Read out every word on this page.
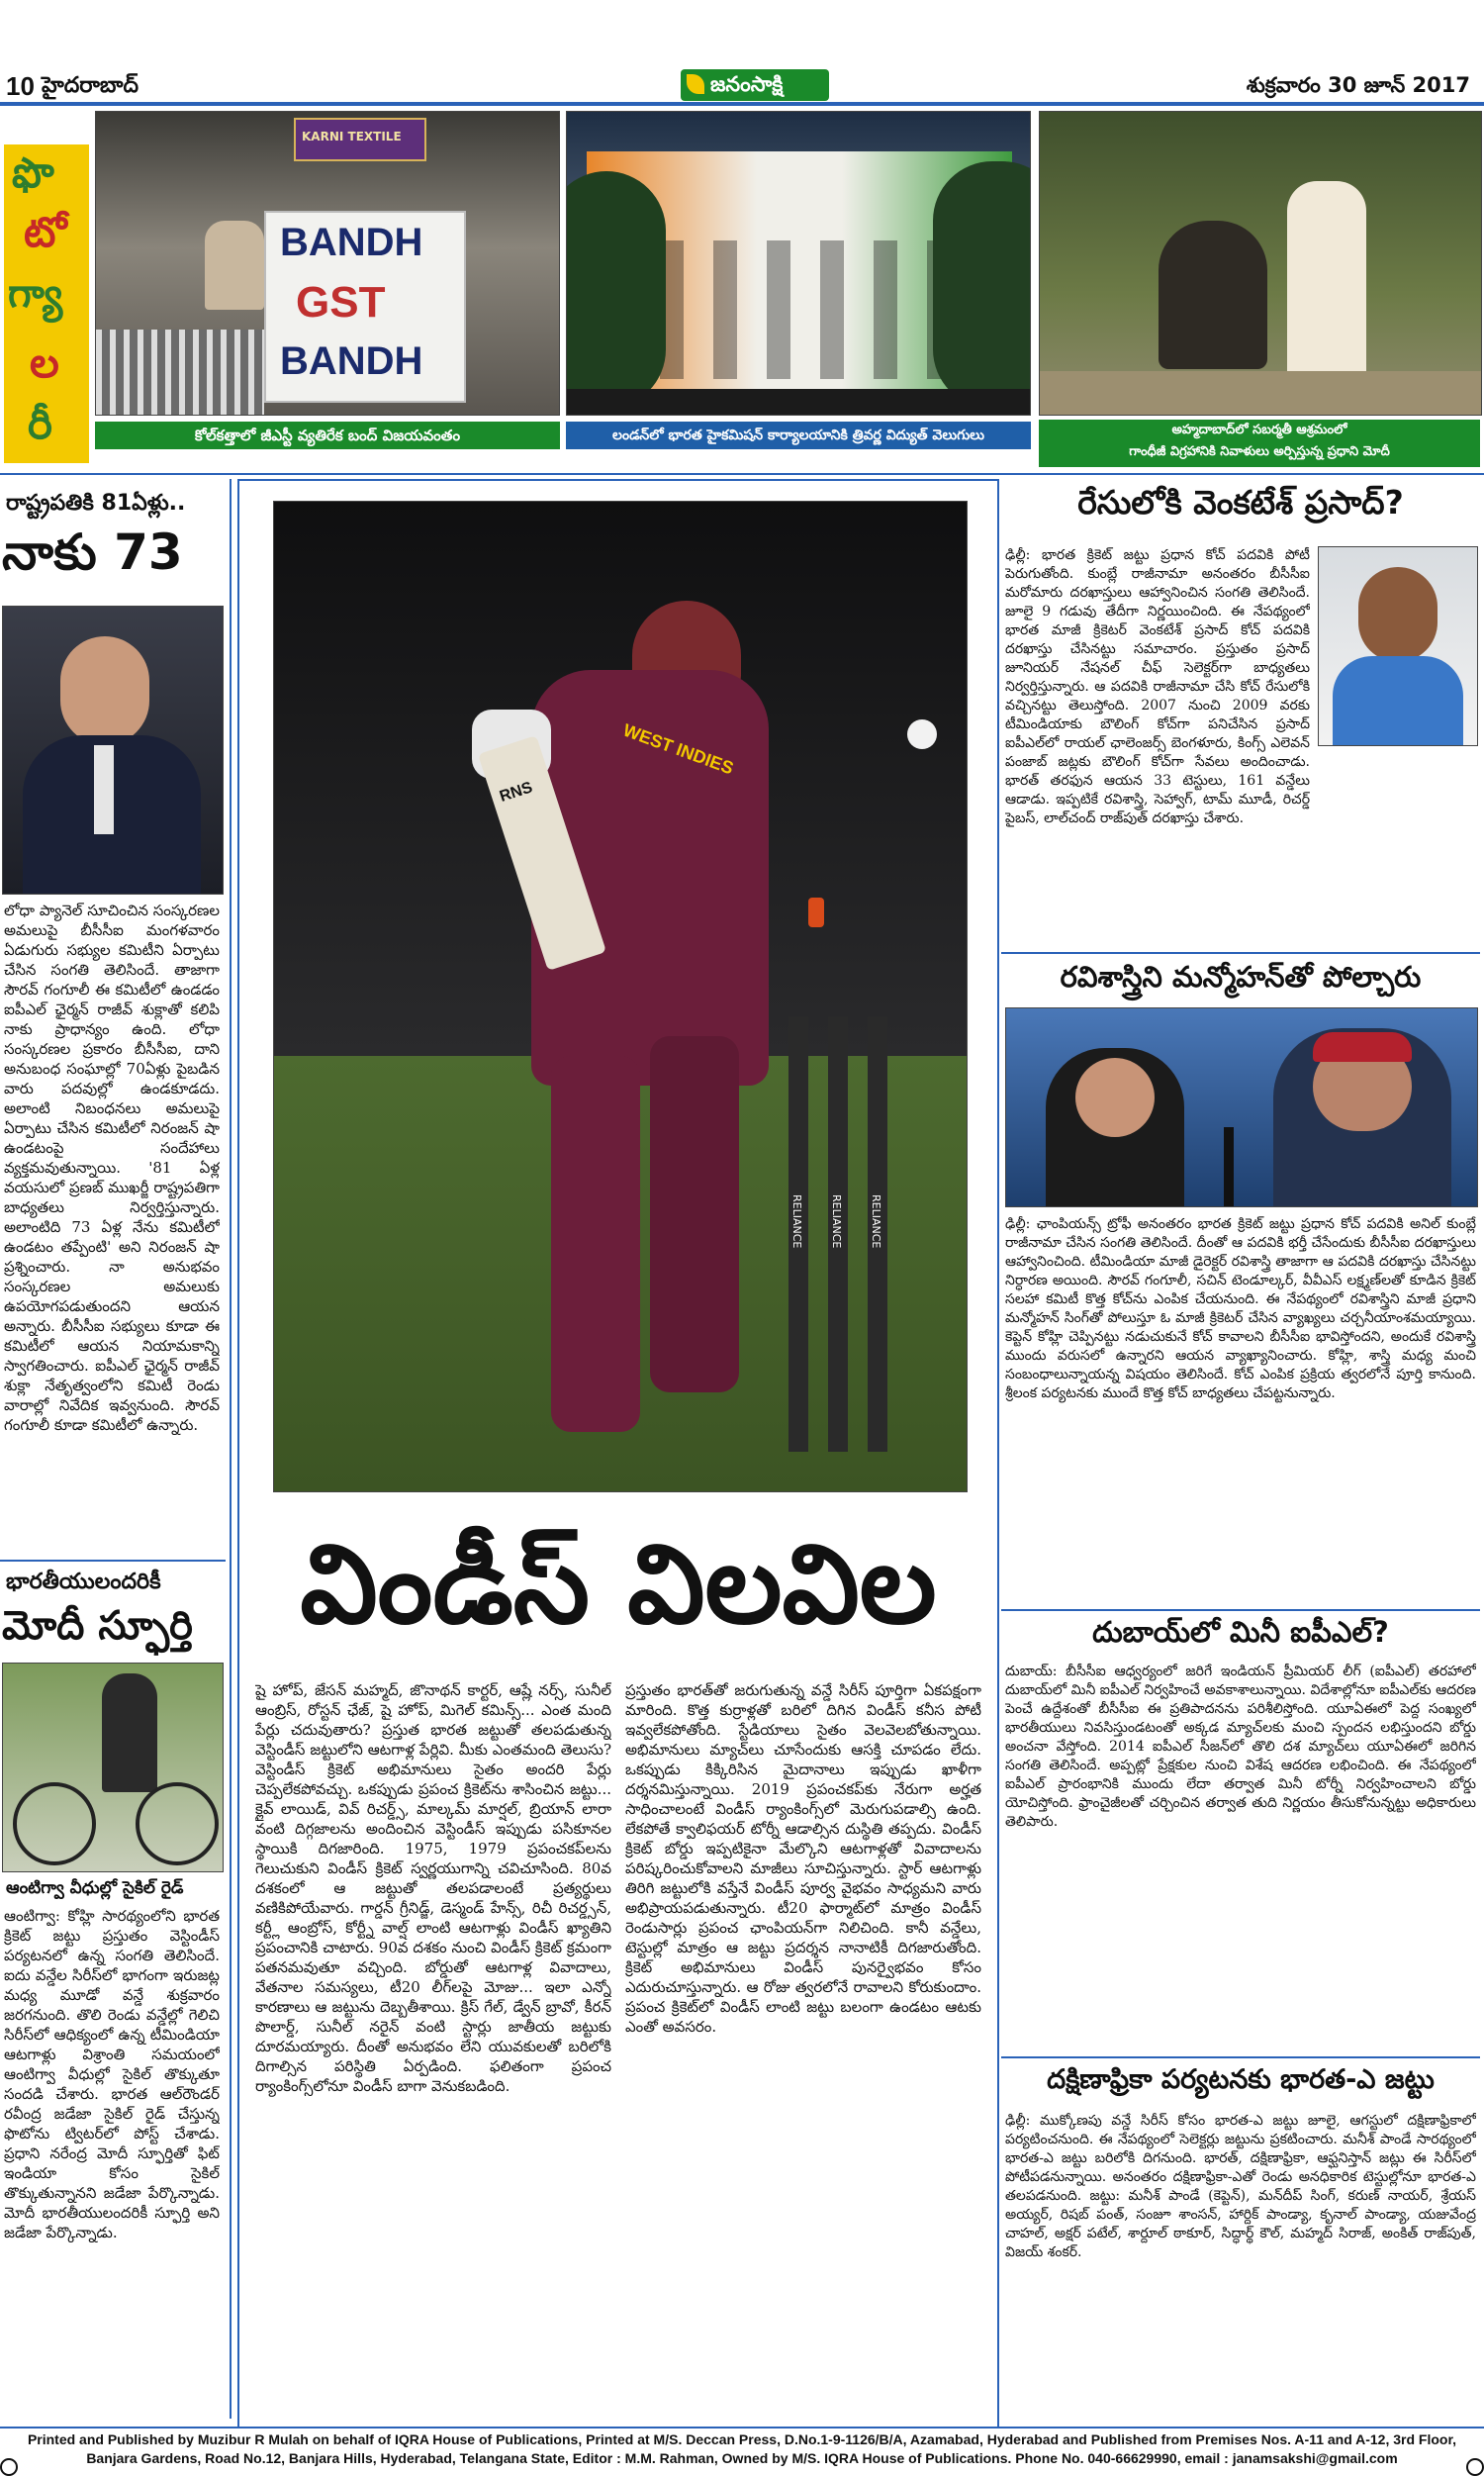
10 హైదరాబాద్	జనంసాక్షి	శుక్రవారం 30 జూన్ 2017
ఫొ
టో
గ్యా
ల
రీ
KARNI TEXTILE
BANDH
GST
BANDH
కోల్‌కత్తాలో జీఎస్టీ వ్యతిరేక బంద్ విజయవంతం	లండన్‌లో భారత హైకమిషన్ కార్యాలయానికి త్రివర్ణ విద్యుత్ వెలుగులు	అహ్మదాబాద్‌లో సబర్మతీ ఆశ్రమంలో
గాంధీజీ విగ్రహానికి నివాళులు అర్పిస్తున్న ప్రధాని మోదీ
రాష్ట్రపతికి 81ఏళ్లు..
నాకు 73
లోధా ప్యానెల్ సూచించిన సంస్కరణల అమలుపై బీసీసీఐ మంగళవారం ఏడుగురు సభ్యుల కమిటీని ఏర్పాటు చేసిన సంగతి తెలిసిందే. తాజాగా సౌరవ్ గంగూలీ ఈ కమిటీలో ఉండడం ఐపీఎల్ ఛైర్మన్‌ రాజీవ్‌ శుక్లాతో కలిపి నాకు ప్రాధాన్యం ఉంది. లోధా సంస్కరణల ప్రకారం బీసీసీఐ, దాని అనుబంధ సంఘాల్లో 70ఏళ్లు పైబడిన వారు పదవుల్లో ఉండకూడదు. అలాంటి నిబంధనలు అమలుపై ఏర్పాటు చేసిన కమిటీలో నిరంజన్ షా ఉండటంపై సందేహాలు వ్యక్తమవుతున్నాయి. '81 ఏళ్ల వయసులో ప్రణబ్ ముఖర్జీ రాష్ట్రపతిగా బాధ్యతలు నిర్వర్తిస్తున్నారు. అలాంటిది 73 ఏళ్ల నేను కమిటీలో ఉండటం తప్పేంటి' అని నిరంజన్ షా ప్రశ్నించారు. నా అనుభవం సంస్కరణల అమలుకు ఉపయోగపడుతుందని ఆయన అన్నారు. బీసీసీఐ సభ్యులు కూడా ఈ కమిటీలో ఆయన నియామకాన్ని స్వాగతించారు. ఐపీఎల్ ఛైర్మన్ రాజీవ్ శుక్లా నేతృత్వంలోని కమిటీ రెండు వారాల్లో నివేదిక ఇవ్వనుంది. సౌరవ్ గంగూలీ కూడా కమిటీలో ఉన్నారు.
భారతీయులందరికీ
మోదీ స్ఫూర్తి
ఆంటిగ్వా వీధుల్లో సైకిల్ రైడ్
ఆంటిగ్వా: కోహ్లి సారథ్యంలోని భారత క్రికెట్ జట్టు ప్రస్తుతం వెస్టిండీస్‌ పర్యటనలో ఉన్న సంగతి తెలిసిందే. ఐదు వన్డేల సిరీస్‌లో భాగంగా ఇరుజట్ల మధ్య మూడో వన్డే శుక్రవారం జరగనుంది. తొలి రెండు వన్డేల్లో గెలిచి సిరీస్‌లో ఆధిక్యంలో ఉన్న టీమిండియా ఆటగాళ్లు విశ్రాంతి సమయంలో ఆంటిగ్వా వీధుల్లో సైకిల్ తొక్కుతూ సందడి చేశారు. భారత ఆల్‌రౌండర్ రవీంద్ర జడేజా సైకిల్ రైడ్ చేస్తున్న ఫొటోను ట్విటర్‌లో పోస్ట్ చేశాడు. ప్రధాని నరేంద్ర మోదీ స్ఫూర్తితో ఫిట్ ఇండియా కోసం సైకిల్ తొక్కుతున్నానని జడేజా పేర్కొన్నాడు. మోదీ భారతీయులందరికీ స్ఫూర్తి అని జడేజా పేర్కొన్నాడు.
WEST INDIES
RNS
RELIANCE RELIANCE RELIANCE
విండీస్ విలవిల
షై హోప్, జేసన్ మహ్మద్, జొనాథన్ కార్టర్, ఆష్లే నర్స్, సునీల్ ఆంబ్రిస్, రోస్టన్ ఛేజ్, షై హోప్, మిగెల్ కమిన్స్... ఎంత మంది పేర్లు చదువుతారు? ప్రస్తుత భారత జట్టుతో తలపడుతున్న వెస్టిండీస్ జట్టులోని ఆటగాళ్ల పేర్లివి. మీకు ఎంతమంది తెలుసు? వెస్టిండీస్ క్రికెట్‌ అభిమానులు సైతం అందరి పేర్లు చెప్పలేకపోవచ్చు. ఒకప్పుడు ప్రపంచ క్రికెట్‌ను శాసించిన జట్టు... క్లైవ్ లాయిడ్, వివ్ రిచర్డ్స్, మాల్కమ్ మార్షల్, బ్రియాన్ లారా వంటి దిగ్గజాలను అందించిన వెస్టిండీస్ ఇప్పుడు పసికూనల స్థాయికి దిగజారింది. 1975, 1979 ప్రపంచకప్‌లను గెలుచుకుని విండీస్ క్రికెట్ స్వర్ణయుగాన్ని చవిచూసింది. 80వ దశకంలో ఆ జట్టుతో తలపడాలంటే ప్రత్యర్థులు వణికిపోయేవారు. గార్డన్ గ్రీనిడ్జ్, డెస్మండ్ హేన్స్, రిచీ రిచర్డ్సన్, కర్ట్లీ ఆంబ్రోస్, కోర్ట్నీ వాల్ష్ లాంటి ఆటగాళ్లు విండీస్ ఖ్యాతిని ప్రపంచానికి చాటారు. 90వ దశకం నుంచి విండీస్ క్రికెట్ క్రమంగా పతనమవుతూ వచ్చింది. బోర్డుతో ఆటగాళ్ల వివాదాలు, వేతనాల సమస్యలు, టీ20 లీగ్‌లపై మోజు... ఇలా ఎన్నో కారణాలు ఆ జట్టును దెబ్బతీశాయి. క్రిస్ గేల్, డ్వేన్ బ్రావో, కీరన్ పొలార్డ్, సునీల్ నరైన్ వంటి స్టార్లు జాతీయ జట్టుకు దూరమయ్యారు. దీంతో అనుభవం లేని యువకులతో బరిలోకి దిగాల్సిన పరిస్థితి ఏర్పడింది. ఫలితంగా ప్రపంచ ర్యాంకింగ్స్‌లోనూ విండీస్ బాగా వెనుకబడింది.
ప్రస్తుతం భారత్‌తో జరుగుతున్న వన్డే సిరీస్ పూర్తిగా ఏకపక్షంగా మారింది. కొత్త కుర్రాళ్లతో బరిలో దిగిన విండీస్ కనీస పోటీ ఇవ్వలేకపోతోంది. స్టేడియాలు సైతం వెలవెలబోతున్నాయి. అభిమానులు మ్యాచ్‌లు చూసేందుకు ఆసక్తి చూపడం లేదు. ఒకప్పుడు కిక్కిరిసిన మైదానాలు ఇప్పుడు ఖాళీగా దర్శనమిస్తున్నాయి. 2019 ప్రపంచకప్‌కు నేరుగా అర్హత సాధించాలంటే విండీస్ ర్యాంకింగ్స్‌లో మెరుగుపడాల్సి ఉంది. లేకపోతే క్వాలిఫయర్ టోర్నీ ఆడాల్సిన దుస్థితి తప్పదు. విండీస్ క్రికెట్ బోర్డు ఇప్పటికైనా మేల్కొని ఆటగాళ్లతో వివాదాలను పరిష్కరించుకోవాలని మాజీలు సూచిస్తున్నారు. స్టార్ ఆటగాళ్లు తిరిగి జట్టులోకి వస్తేనే విండీస్ పూర్వ వైభవం సాధ్యమని వారు అభిప్రాయపడుతున్నారు. టీ20 ఫార్మాట్‌లో మాత్రం విండీస్ రెండుసార్లు ప్రపంచ ఛాంపియన్‌గా నిలిచింది. కానీ వన్డేలు, టెస్టుల్లో మాత్రం ఆ జట్టు ప్రదర్శన నానాటికీ దిగజారుతోంది. క్రికెట్ అభిమానులు విండీస్ పునర్వైభవం కోసం ఎదురుచూస్తున్నారు. ఆ రోజు త్వరలోనే రావాలని కోరుకుందాం. ప్రపంచ క్రికెట్‌లో విండీస్ లాంటి జట్టు బలంగా ఉండటం ఆటకు ఎంతో అవసరం.
రేసులోకి వెంకటేశ్ ప్రసాద్?
ఢిల్లీ: భారత క్రికెట్ జట్టు ప్రధాన కోచ్ పదవికి పోటీ పెరుగుతోంది. కుంబ్లే రాజీనామా అనంతరం బీసీసీఐ మరోమారు దరఖాస్తులు ఆహ్వానించిన సంగతి తెలిసిందే. జూలై 9 గడువు తేదీగా నిర్ణయించింది. ఈ నేపథ్యంలో భారత మాజీ క్రికెటర్ వెంకటేశ్ ప్రసాద్ కోచ్ పదవికి దరఖాస్తు చేసినట్టు సమాచారం. ప్రస్తుతం ప్రసాద్ జూనియర్ నేషనల్ చీఫ్ సెలెక్టర్‌గా బాధ్యతలు నిర్వర్తిస్తున్నారు. ఆ పదవికి రాజీనామా చేసి కోచ్ రేసులోకి వచ్చినట్టు తెలుస్తోంది. 2007 నుంచి 2009 వరకు టీమిండియాకు బౌలింగ్ కోచ్‌గా పనిచేసిన ప్రసాద్ ఐపీఎల్‌లో రాయల్ ఛాలెంజర్స్ బెంగళూరు, కింగ్స్ ఎలెవన్ పంజాబ్ జట్లకు బౌలింగ్ కోచ్‌గా సేవలు అందించాడు. భారత్ తరఫున ఆయన 33 టెస్టులు, 161 వన్డేలు ఆడాడు. ఇప్పటికే రవిశాస్త్రి, సెహ్వాగ్, టామ్ మూడీ, రిచర్డ్ పైబస్, లాల్‌చంద్ రాజ్‌పుత్ దరఖాస్తు చేశారు.
రవిశాస్త్రిని మన్మోహన్‌తో పోల్చారు
ఢిల్లీ: ఛాంపియన్స్ ట్రోఫీ అనంతరం భారత క్రికెట్ జట్టు ప్రధాన కోచ్ పదవికి అనిల్ కుంబ్లే రాజీనామా చేసిన సంగతి తెలిసిందే. దీంతో ఆ పదవికి భర్తీ చేసేందుకు బీసీసీఐ దరఖాస్తులు ఆహ్వానించింది. టీమిండియా మాజీ డైరెక్టర్ రవిశాస్త్రి తాజాగా ఆ పదవికి దరఖాస్తు చేసినట్టు నిర్ధారణ అయింది. సౌరవ్ గంగూలీ, సచిన్ టెండూల్కర్, వీవీఎస్ లక్ష్మణ్‌లతో కూడిన క్రికెట్ సలహా కమిటీ కొత్త కోచ్‌ను ఎంపిక చేయనుంది. ఈ నేపథ్యంలో రవిశాస్త్రిని మాజీ ప్రధాని మన్మోహన్ సింగ్‌తో పోలుస్తూ ఓ మాజీ క్రికెటర్ చేసిన వ్యాఖ్యలు చర్చనీయాంశమయ్యాయి. కెప్టెన్ కోహ్లి చెప్పినట్టు నడుచుకునే కోచ్ కావాలని బీసీసీఐ భావిస్తోందని, అందుకే రవిశాస్త్రి ముందు వరుసలో ఉన్నారని ఆయన వ్యాఖ్యానించారు. కోహ్లి, శాస్త్రి మధ్య మంచి సంబంధాలున్నాయన్న విషయం తెలిసిందే. కోచ్ ఎంపిక ప్రక్రియ త్వరలోనే పూర్తి కానుంది. శ్రీలంక పర్యటనకు ముందే కొత్త కోచ్ బాధ్యతలు చేపట్టనున్నారు.
దుబాయ్‌లో మినీ ఐపీఎల్?
దుబాయ్: బీసీసీఐ ఆధ్వర్యంలో జరిగే ఇండియన్ ప్రీమియర్ లీగ్ (ఐపీఎల్) తరహాలో దుబాయ్‌లో మినీ ఐపీఎల్ నిర్వహించే అవకాశాలున్నాయి. విదేశాల్లోనూ ఐపీఎల్‌కు ఆదరణ పెంచే ఉద్దేశంతో బీసీసీఐ ఈ ప్రతిపాదనను పరిశీలిస్తోంది. యూఏఈలో పెద్ద సంఖ్యలో భారతీయులు నివసిస్తుండటంతో అక్కడ మ్యాచ్‌లకు మంచి స్పందన లభిస్తుందని బోర్డు అంచనా వేస్తోంది. 2014 ఐపీఎల్ సీజన్‌లో తొలి దశ మ్యాచ్‌లు యూఏఈలో జరిగిన సంగతి తెలిసిందే. అప్పట్లో ప్రేక్షకుల నుంచి విశేష ఆదరణ లభించింది. ఈ నేపథ్యంలో ఐపీఎల్ ప్రారంభానికి ముందు లేదా తర్వాత మినీ టోర్నీ నిర్వహించాలని బోర్డు యోచిస్తోంది. ఫ్రాంచైజీలతో చర్చించిన తర్వాత తుది నిర్ణయం తీసుకోనున్నట్టు అధికారులు తెలిపారు.
దక్షిణాఫ్రికా పర్యటనకు భారత-ఎ జట్టు
ఢిల్లీ: ముక్కోణపు వన్డే సిరీస్ కోసం భారత-ఎ జట్టు జూలై, ఆగస్టులో దక్షిణాఫ్రికాలో పర్యటించనుంది. ఈ నేపథ్యంలో సెలెక్టర్లు జట్టును ప్రకటించారు. మనీశ్ పాండే సారథ్యంలో భారత-ఎ జట్టు బరిలోకి దిగనుంది. భారత్, దక్షిణాఫ్రికా, ఆఫ్ఘనిస్తాన్ జట్లు ఈ సిరీస్‌లో పోటీపడనున్నాయి. అనంతరం దక్షిణాఫ్రికా-ఎతో రెండు అనధికారిక టెస్టుల్లోనూ భారత-ఎ తలపడనుంది. జట్టు: మనీశ్ పాండే (కెప్టెన్), మన్‌దీప్ సింగ్, కరుణ్ నాయర్, శ్రేయస్ అయ్యర్, రిషబ్ పంత్, సంజూ శాంసన్, హార్దిక్ పాండ్యా, కృనాల్ పాండ్యా, యజువేంద్ర చాహల్, అక్షర్ పటేల్, శార్దూల్ ఠాకూర్, సిద్ధార్థ్ కౌల్, మహ్మద్ సిరాజ్, అంకిత్ రాజ్‌పుత్, విజయ్ శంకర్.
Printed and Published by Muzibur R Mulah on behalf of IQRA House of Publications, Printed at M/S. Deccan Press, D.No.1-9-1126/B/A, Azamabad, Hyderabad and Published from Premises Nos. A-11 and A-12, 3rd Floor, Banjara Gardens, Road No.12, Banjara Hills, Hyderabad, Telangana State, Editor : M.M. Rahman, Owned by M/S. IQRA House of Publications. Phone No. 040-66629990, email : janamsakshi@gmail.com
